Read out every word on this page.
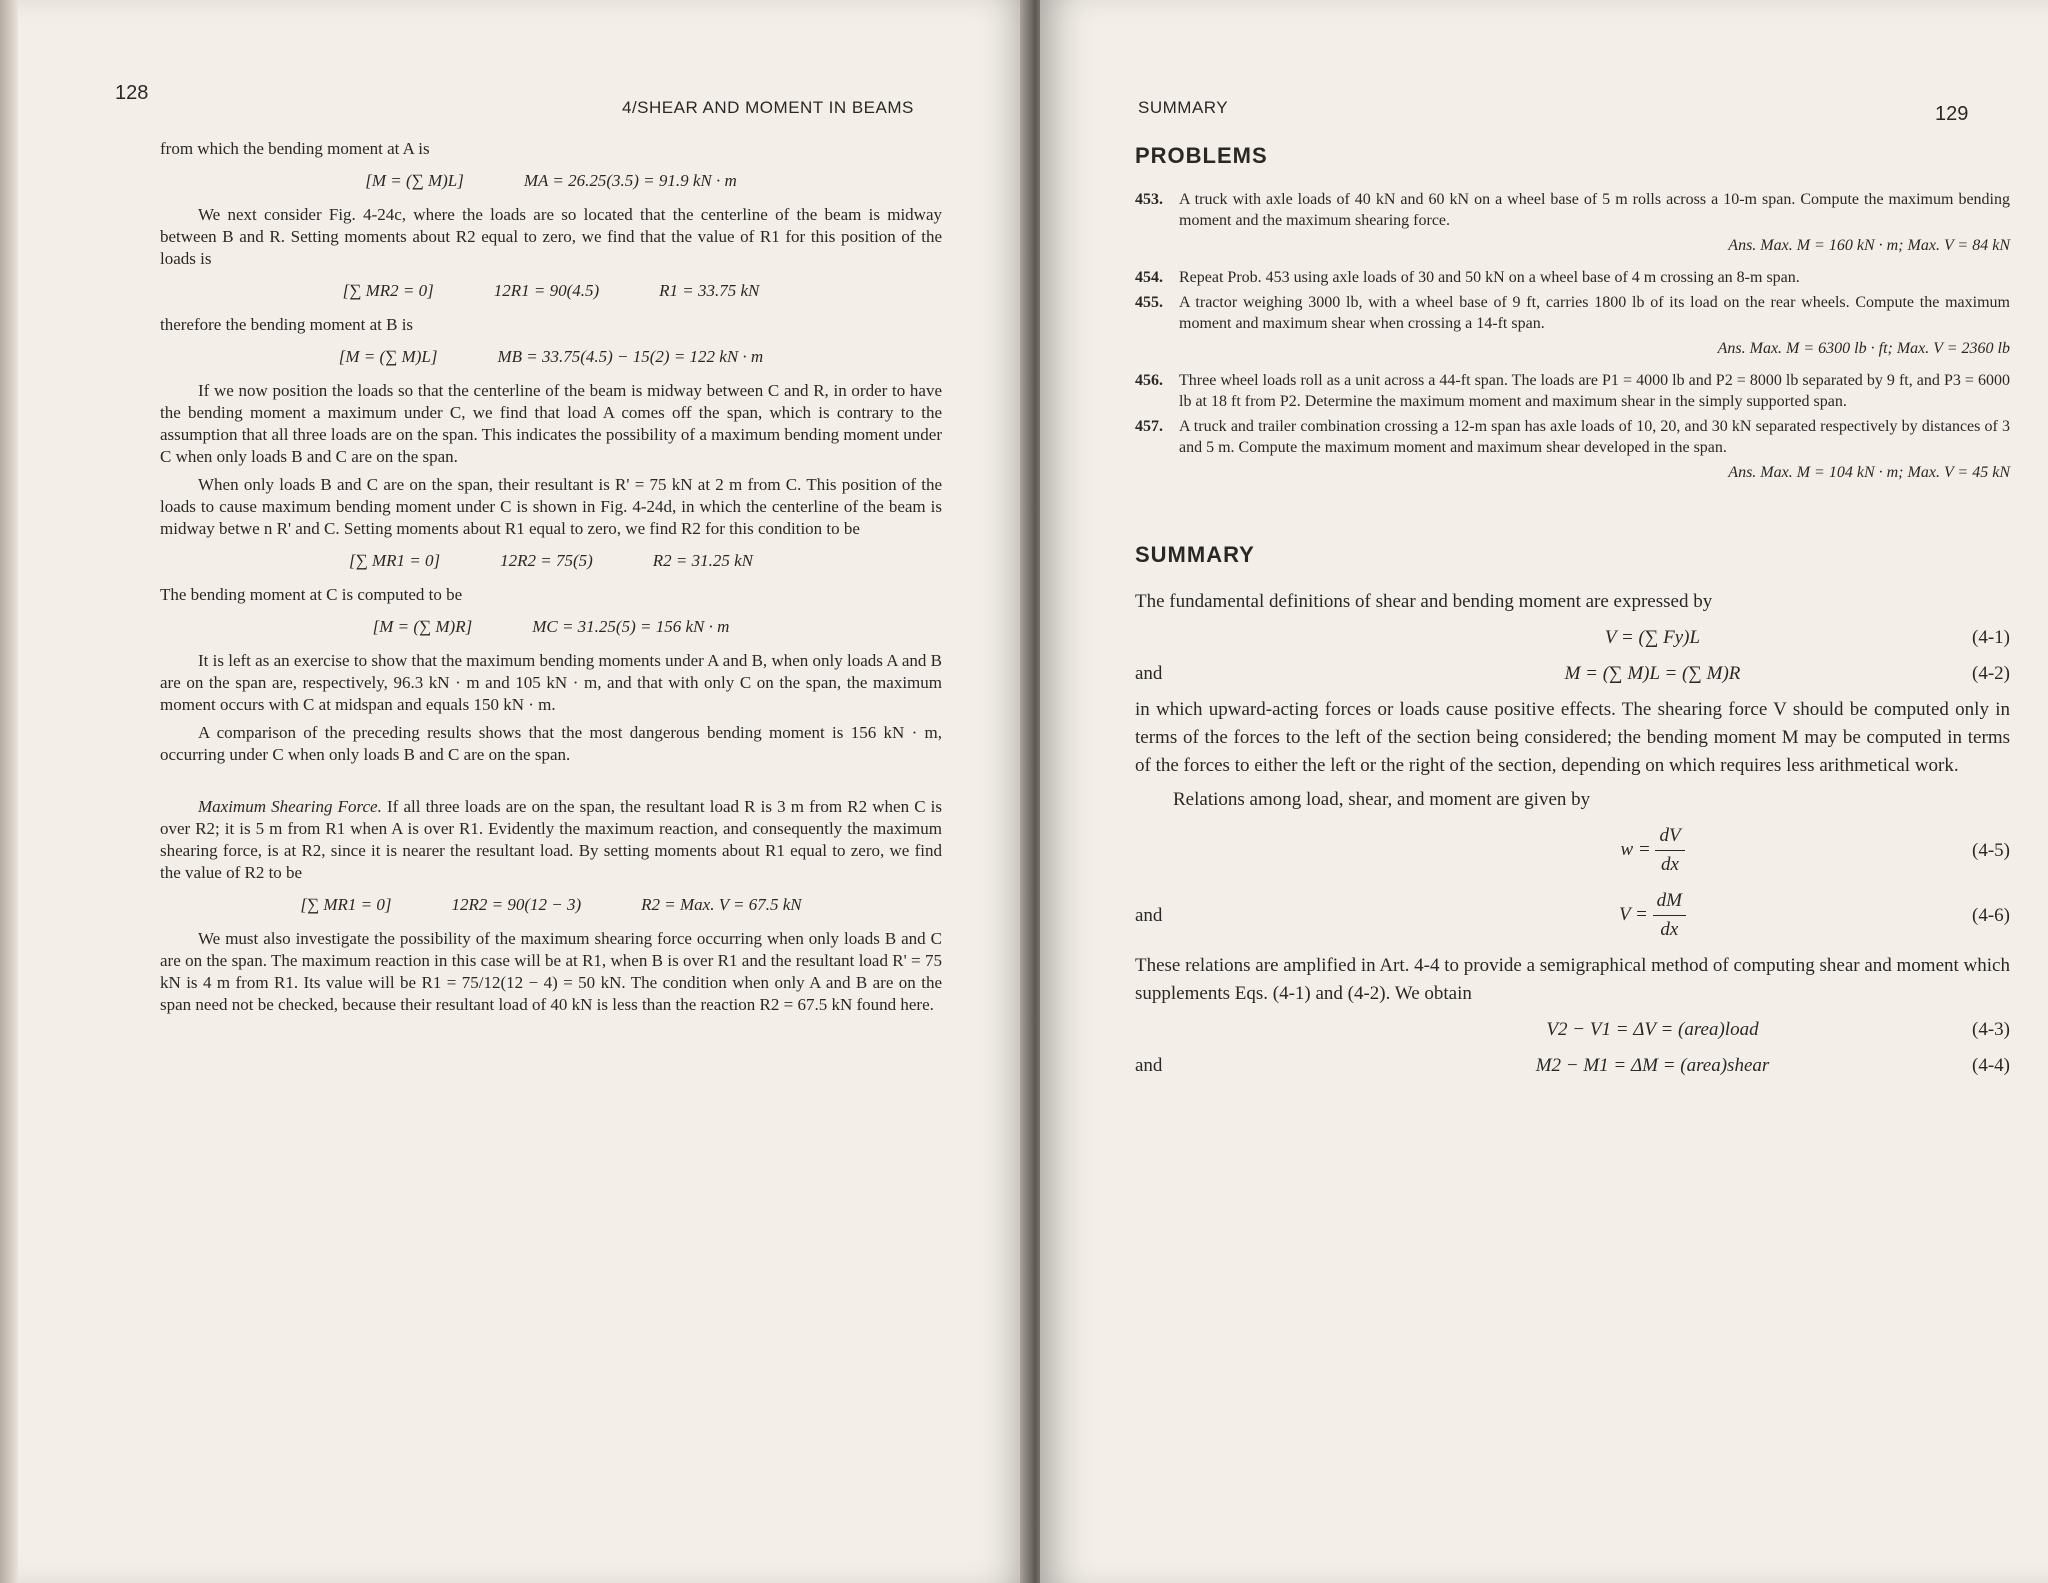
128
4/SHEAR AND MOMENT IN BEAMS

from which the bending moment at A is

[M = (∑ M)L]	MA = 26.25(3.5) = 91.9 kN · m

We next consider Fig. 4-24c, where the loads are so located that the centerline of the beam is midway between B and R. Setting moments about R2 equal to zero, we find that the value of R1 for this position of the loads is

[∑ MR2 = 0]	12R1 = 90(4.5)	R1 = 33.75 kN

therefore the bending moment at B is

[M = (∑ M)L]	MB = 33.75(4.5) − 15(2) = 122 kN · m

If we now position the loads so that the centerline of the beam is midway between C and R, in order to have the bending moment a maximum under C, we find that load A comes off the span, which is contrary to the assumption that all three loads are on the span. This indicates the possibility of a maximum bending moment under C when only loads B and C are on the span.

When only loads B and C are on the span, their resultant is R' = 75 kN at 2 m from C. This position of the loads to cause maximum bending moment under C is shown in Fig. 4-24d, in which the centerline of the beam is midway betwe n R' and C. Setting moments about R1 equal to zero, we find R2 for this condition to be

[∑ MR1 = 0]	12R2 = 75(5)	R2 = 31.25 kN

The bending moment at C is computed to be

[M = (∑ M)R]	MC = 31.25(5) = 156 kN · m

It is left as an exercise to show that the maximum bending moments under A and B, when only loads A and B are on the span are, respectively, 96.3 kN · m and 105 kN · m, and that with only C on the span, the maximum moment occurs with C at midspan and equals 150 kN · m.

A comparison of the preceding results shows that the most dangerous bending moment is 156 kN · m, occurring under C when only loads B and C are on the span.

Maximum Shearing Force. If all three loads are on the span, the resultant load R is 3 m from R2 when C is over R2; it is 5 m from R1 when A is over R1. Evidently the maximum reaction, and consequently the maximum shearing force, is at R2, since it is nearer the resultant load. By setting moments about R1 equal to zero, we find the value of R2 to be

[∑ MR1 = 0]	12R2 = 90(12 − 3)	R2 = Max. V = 67.5 kN

We must also investigate the possibility of the maximum shearing force occurring when only loads B and C are on the span. The maximum reaction in this case will be at R1, when B is over R1 and the resultant load R' = 75 kN is 4 m from R1. Its value will be R1 = 75/12(12 − 4) = 50 kN. The condition when only A and B are on the span need not be checked, because their resultant load of 40 kN is less than the reaction R2 = 67.5 kN found here.

SUMMARY	129
PROBLEMS
453.	A truck with axle loads of 40 kN and 60 kN on a wheel base of 5 m rolls across a 10-m span. Compute the maximum bending moment and the maximum shearing force.
Ans. Max. M = 160 kN · m; Max. V = 84 kN
454.	Repeat Prob. 453 using axle loads of 30 and 50 kN on a wheel base of 4 m crossing an 8-m span.
455.	A tractor weighing 3000 lb, with a wheel base of 9 ft, carries 1800 lb of its load on the rear wheels. Compute the maximum moment and maximum shear when crossing a 14-ft span.
Ans. Max. M = 6300 lb · ft; Max. V = 2360 lb
456.	Three wheel loads roll as a unit across a 44-ft span. The loads are P1 = 4000 lb and P2 = 8000 lb separated by 9 ft, and P3 = 6000 lb at 18 ft from P2. Determine the maximum moment and maximum shear in the simply supported span.
457.	A truck and trailer combination crossing a 12-m span has axle loads of 10, 20, and 30 kN separated respectively by distances of 3 and 5 m. Compute the maximum moment and maximum shear developed in the span.
Ans. Max. M = 104 kN · m; Max. V = 45 kN
SUMMARY

The fundamental definitions of shear and bending moment are expressed by

V = (∑ Fy)L	(4-1)
and	M = (∑ M)L = (∑ M)R	(4-2)

in which upward-acting forces or loads cause positive effects. The shearing force V should be computed only in terms of the forces to the left of the section being considered; the bending moment M may be computed in terms of the forces to either the left or the right of the section, depending on which requires less arithmetical work.

Relations among load, shear, and moment are given by

$w = \frac{dV}{dx}$	(4-5)
and	$V = \frac{dM}{dx}$	(4-6)

These relations are amplified in Art. 4-4 to provide a semigraphical method of computing shear and moment which supplements Eqs. (4-1) and (4-2). We obtain

V2 − V1 = ΔV = (area)load	(4-3)
and	M2 − M1 = ΔM = (area)shear	(4-4)
